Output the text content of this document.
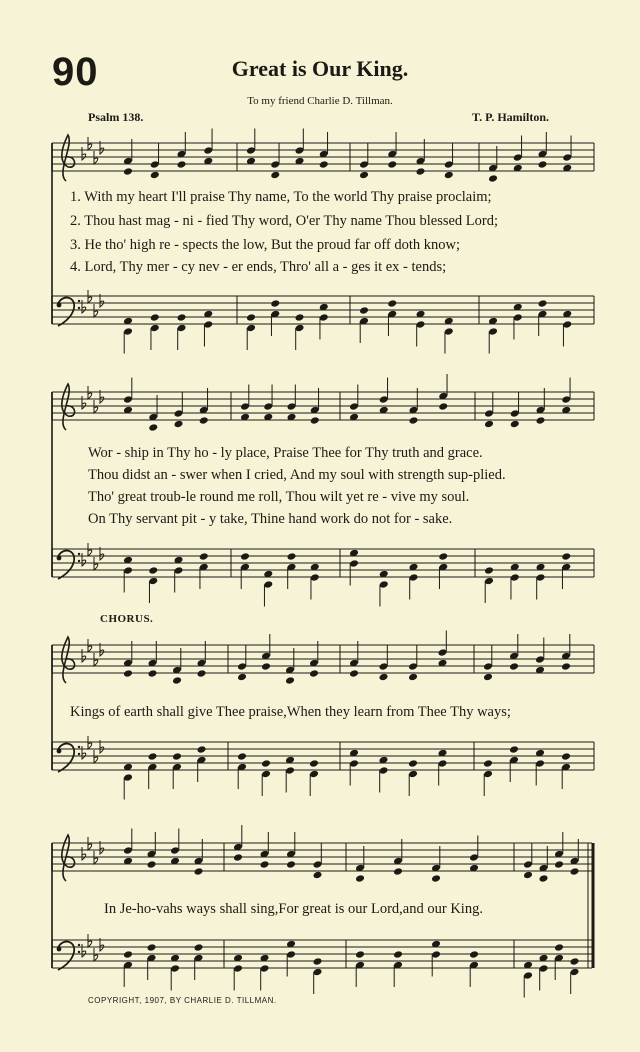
90	Great is Our King.
To my friend Charlie D. Tillman.
Psalm 138.	T. P. Hamilton.
1. With my heart I'll praise Thy name, To the world Thy praise proclaim;
2. Thou hast mag - ni - fied Thy word, O'er Thy name Thou blessed Lord;
3. He tho' high re - spects the low, But the proud far off doth know;
4. Lord, Thy mer - cy nev - er ends, Thro' all a - ges it ex - tends;
Wor - ship in Thy ho - ly place, Praise Thee for Thy truth and grace.
Thou didst an - swer when I cried, And my soul with strength sup-plied.
Tho' great troub-le round me roll, Thou wilt yet re - vive my soul.
On Thy servant pit - y take, Thine hand work do not for - sake.
CHORUS.
Kings of earth shall give Thee praise,When they learn from Thee Thy ways;
In Je-ho-vahs ways shall sing,For great is our Lord,and our King.
COPYRIGHT, 1907, BY CHARLIE D. TILLMAN.
